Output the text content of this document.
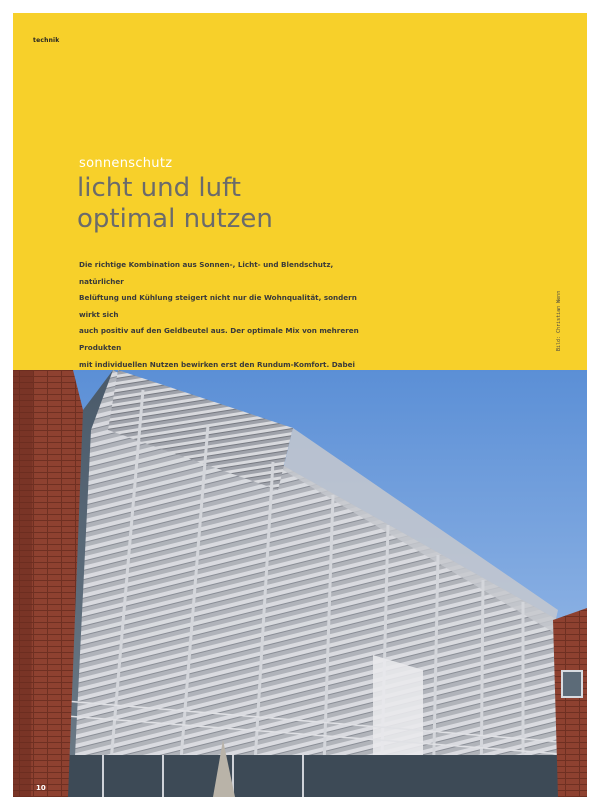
technik
sonnenschutz
licht und luft
optimal nutzen
Die richtige Kombination aus Sonnen-, Licht- und Blendschutz, natürlicher
Belüftung und Kühlung steigert nicht nur die Wohnqualität, sondern wirkt sich
auch positiv auf den Geldbeutel aus. Der optimale Mix von mehreren Produkten
mit individuellen Nutzen bewirken erst den Rundum-Komfort. Dabei
Bild: Christian Wenn
10
